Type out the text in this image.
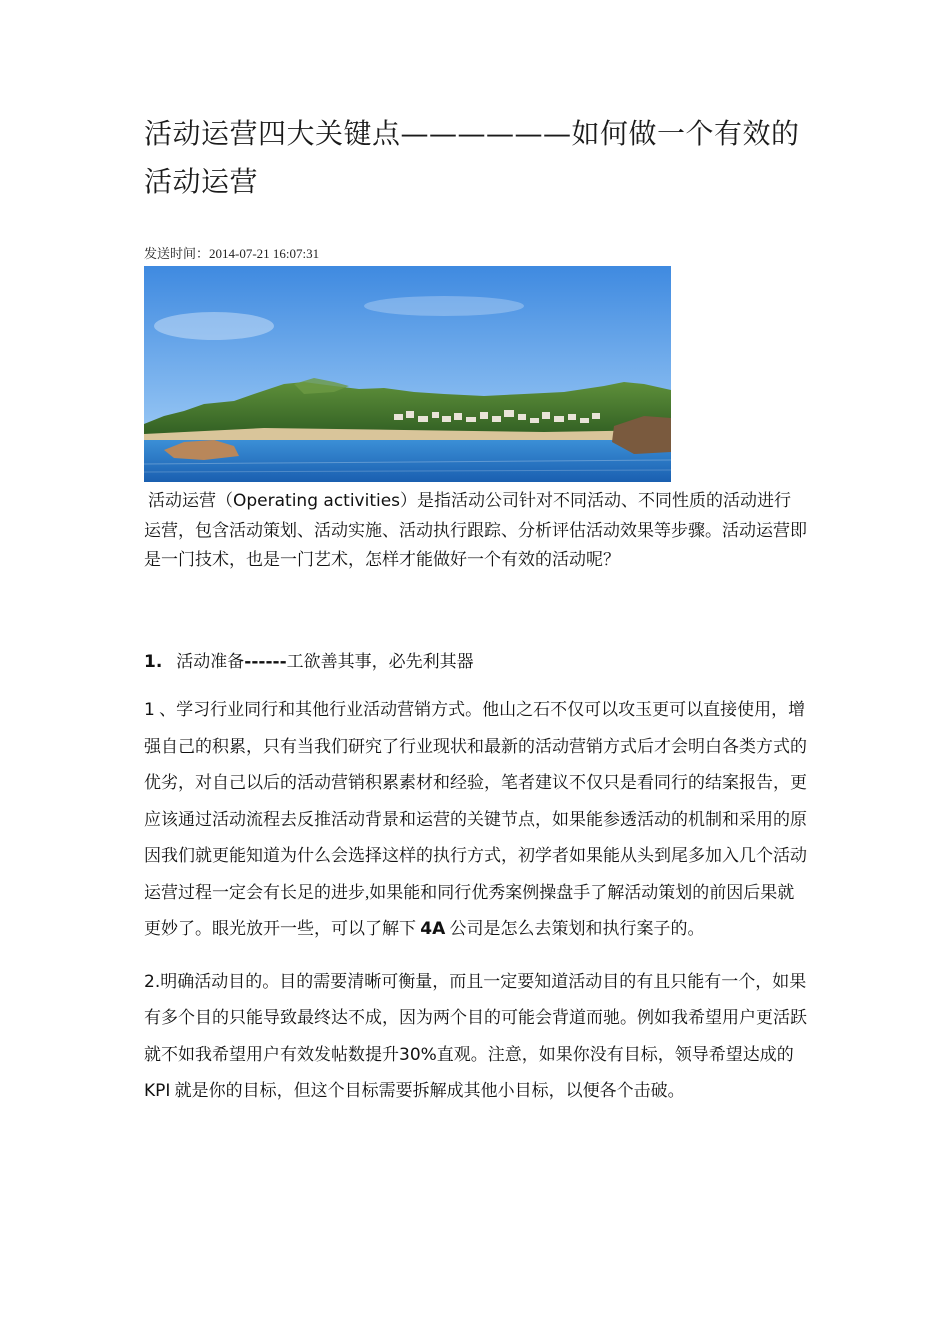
活动运营四大关键点——————如何做一个有效的活动运营
发送时间：2014-07-21 16:07:31
活动运营（Operating activities）是指活动公司针对不同活动、不同性质的活动进行运营，包含活动策划、活动实施、活动执行跟踪、分析评估活动效果等步骤。活动运营即是一门技术，也是一门艺术，怎样才能做好一个有效的活动呢？
1. 活动准备------工欲善其事，必先利其器
1 、学习行业同行和其他行业活动营销方式。他山之石不仅可以攻玉更可以直接使用，增强自己的积累，只有当我们研究了行业现状和最新的活动营销方式后才会明白各类方式的优劣，对自己以后的活动营销积累素材和经验，笔者建议不仅只是看同行的结案报告，更应该通过活动流程去反推活动背景和运营的关键节点，如果能参透活动的机制和采用的原因我们就更能知道为什么会选择这样的执行方式，初学者如果能从头到尾多加入几个活动运营过程一定会有长足的进步,如果能和同行优秀案例操盘手了解活动策划的前因后果就更妙了。眼光放开一些，可以了解下 4A 公司是怎么去策划和执行案子的。
2.明确活动目的。目的需要清晰可衡量，而且一定要知道活动目的有且只能有一个，如果有多个目的只能导致最终达不成，因为两个目的可能会背道而驰。例如我希望用户更活跃就不如我希望用户有效发帖数提升30%直观。注意，如果你没有目标，领导希望达成的 KPI 就是你的目标，但这个目标需要拆解成其他小目标，以便各个击破。
